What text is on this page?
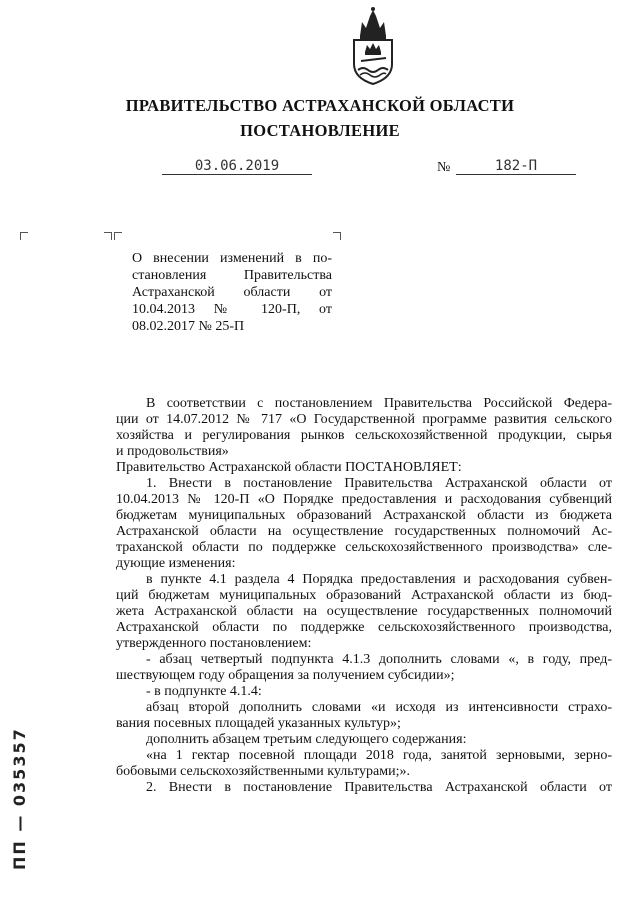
ПРАВИТЕЛЬСТВО АСТРАХАНСКОЙ ОБЛАСТИ
ПОСТАНОВЛЕНИЕ
03.06.2019	№	182-П
О внесении изменений в по-
становления Правительства
Астраханской области от
10.04.2013 № 120-П, от
08.02.2017 № 25-П
В соответствии с постановлением Правительства Российской Федера-
ции от 14.07.2012 № 717 «О Государственной программе развития сельского
хозяйства и регулирования рынков сельскохозяйственной продукции, сырья
и продовольствия»
Правительство Астраханской области ПОСТАНОВЛЯЕТ:
1. Внести в постановление Правительства Астраханской области от
10.04.2013 № 120-П «О Порядке предоставления и расходования субвенций
бюджетам муниципальных образований Астраханской области из бюджета
Астраханской области на осуществление государственных полномочий Ас-
траханской области по поддержке сельскохозяйственного производства» сле-
дующие изменения:
в пункте 4.1 раздела 4 Порядка предоставления и расходования субвен-
ций бюджетам муниципальных образований Астраханской области из бюд-
жета Астраханской области на осуществление государственных полномочий
Астраханской области по поддержке сельскохозяйственного производства,
утвержденного постановлением:
- абзац четвертый подпункта 4.1.3 дополнить словами «, в году, пред-
шествующем году обращения за получением субсидии»;
- в подпункте 4.1.4:
абзац второй дополнить словами «и исходя из интенсивности страхо-
вания посевных площадей указанных культур»;
дополнить абзацем третьим следующего содержания:
«на 1 гектар посевной площади 2018 года, занятой зерновыми, зерно-
бобовыми сельскохозяйственными культурами;».
2. Внести в постановление Правительства Астраханской области от
ПП — 035357
